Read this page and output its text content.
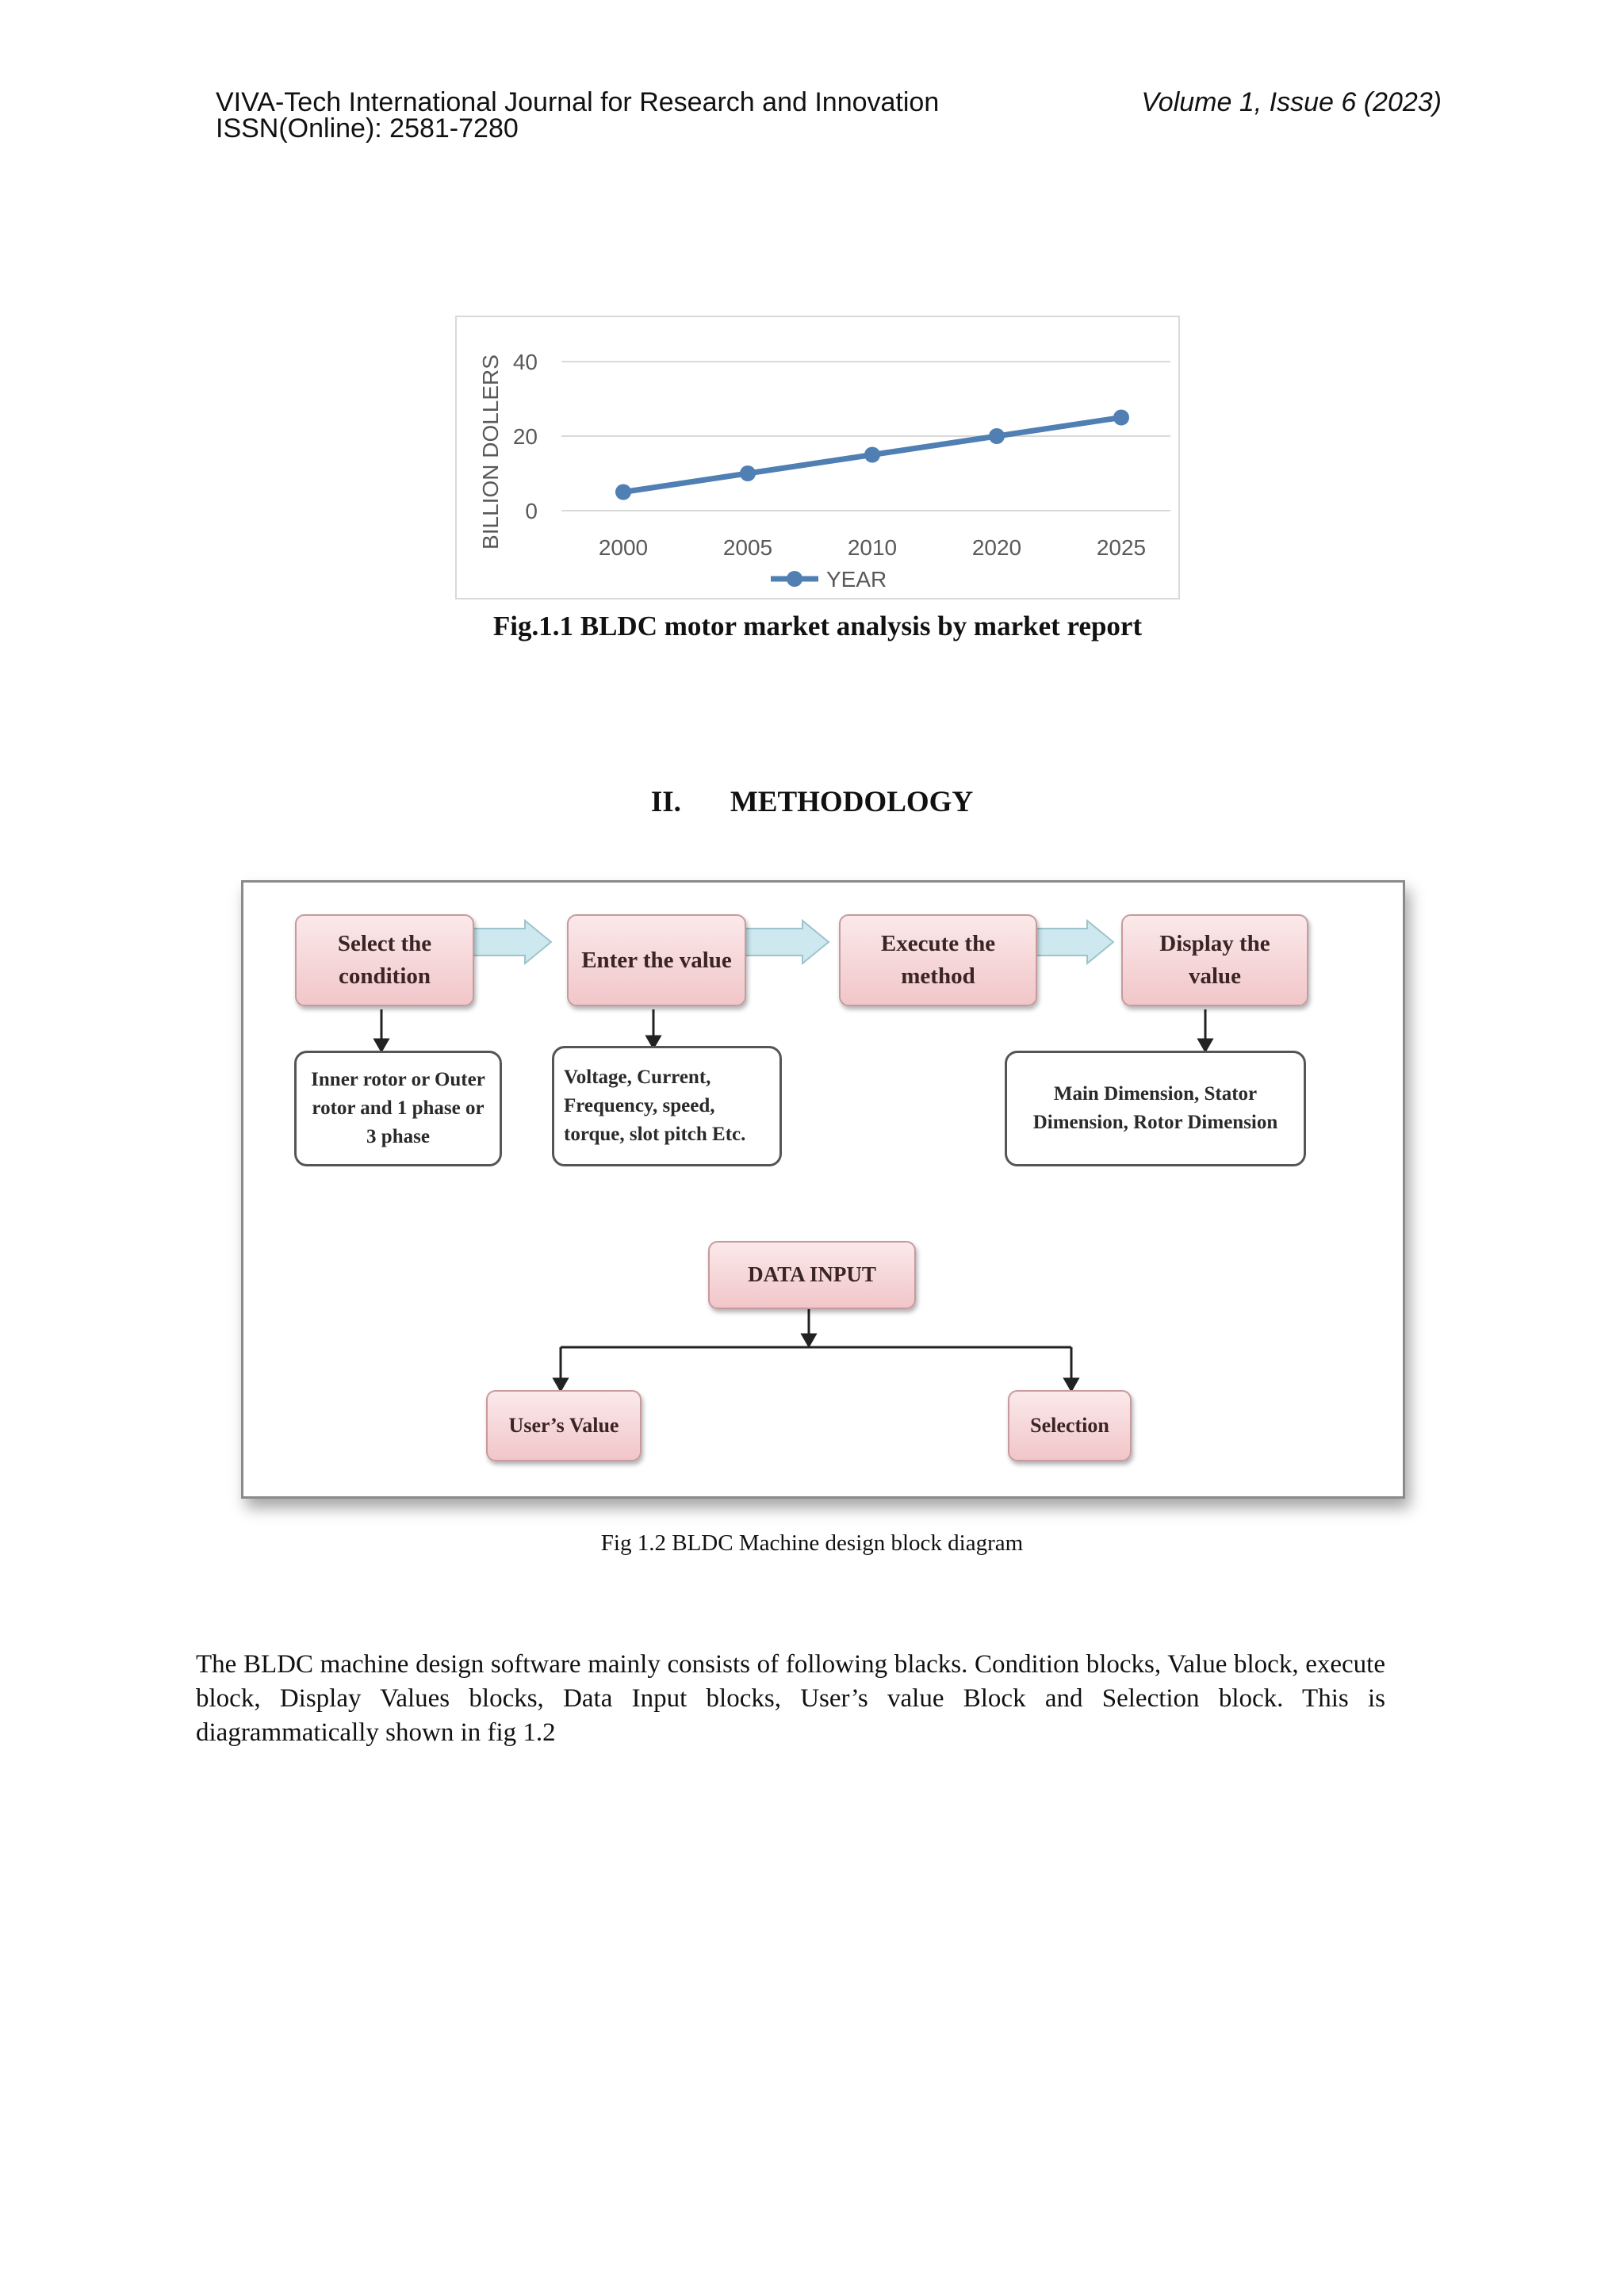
VIVA-Tech International Journal for Research and Innovation
ISSN(Online): 2581-7280
Volume 1, Issue 6 (2023)
0
20
40
BILLION DOLLERS	2000	2005	2010	2020	2025
YEAR
Fig.1.1 BLDC motor market analysis by market report
II. METHODOLOGY
Select the condition
Enter the value
Execute the method
Display the value
Inner rotor or Outer rotor and 1 phase or 3 phase
Voltage, Current, Frequency, speed, torque, slot pitch Etc.
Main Dimension, Stator Dimension, Rotor Dimension
DATA INPUT
User’s Value	Selection
Fig 1.2 BLDC Machine design block diagram
The BLDC machine design software mainly consists of following blacks. Condition blocks, Value block, execute block, Display Values blocks, Data Input blocks, User’s value Block and Selection block. This is diagrammatically shown in fig 1.2
